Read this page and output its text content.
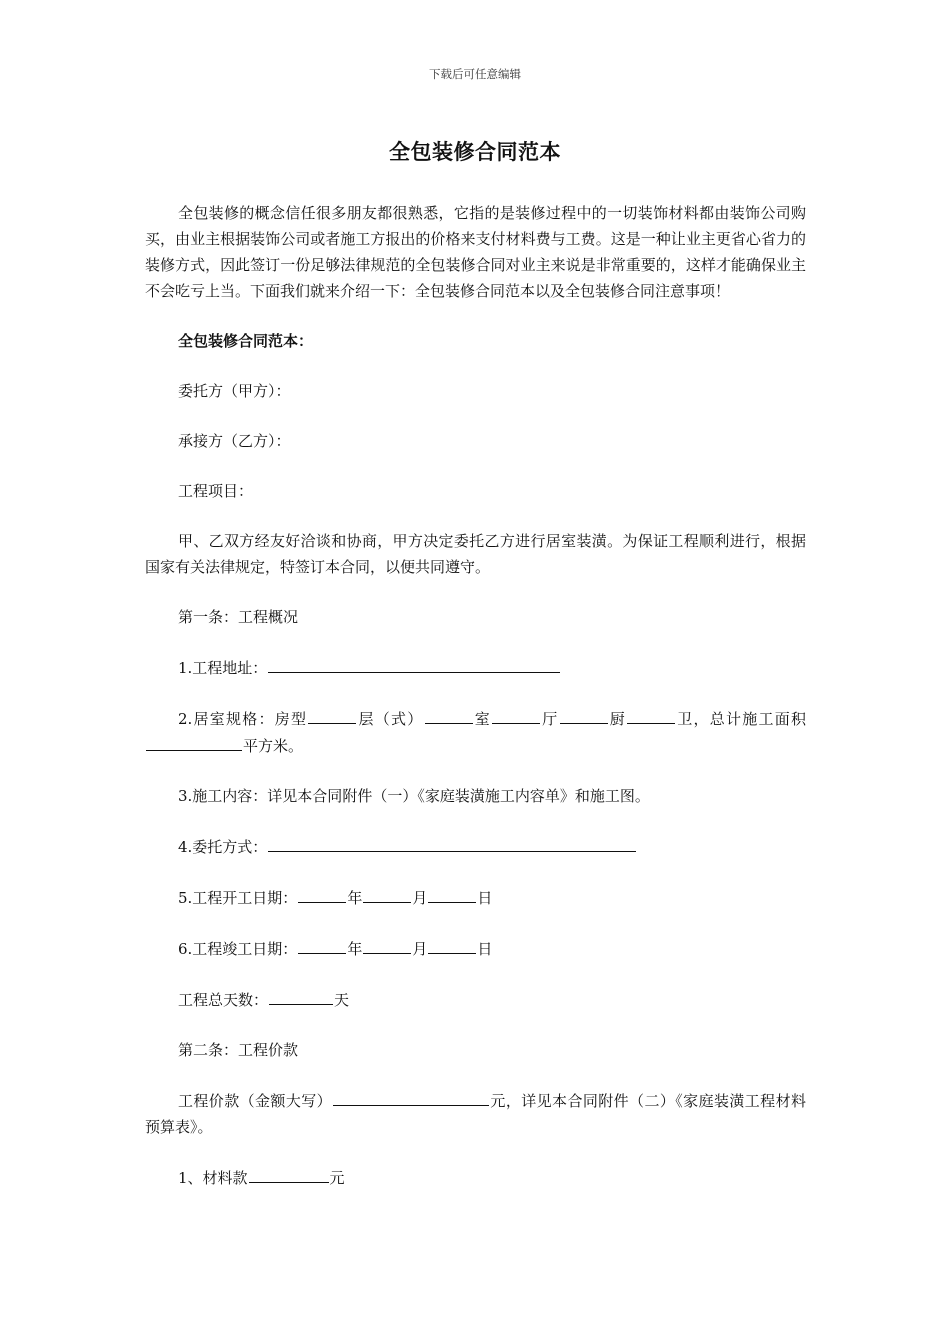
下载后可任意编辑
全包装修合同范本

全包装修的概念信任很多朋友都很熟悉，它指的是装修过程中的一切装饰材料都由装饰公司购买，由业主根据装饰公司或者施工方报出的价格来支付材料费与工费。这是一种让业主更省心省力的装修方式，因此签订一份足够法律规范的全包装修合同对业主来说是非常重要的，这样才能确保业主不会吃亏上当。下面我们就来介绍一下：全包装修合同范本以及全包装修合同注意事项！

全包装修合同范本：

委托方（甲方）：

承接方（乙方）：

工程项目：

甲、乙双方经友好洽谈和协商，甲方决定委托乙方进行居室装潢。为保证工程顺利进行，根据国家有关法律规定，特签订本合同，以便共同遵守。

第一条：工程概况

1.工程地址：

2.居室规格：房型	层（式）	室	厅	厨	卫，总计施工面积平方米。

3.施工内容：详见本合同附件（一）《家庭装潢施工内容单》和施工图。

4.委托方式：

5.工程开工日期：	年	月	日

6.工程竣工日期：	年	月	日

工程总天数：	天

第二条：工程价款

工程价款（金额大写）	元，详见本合同附件（二）《家庭装潢工程材料预算表》。

1、材料款	元
